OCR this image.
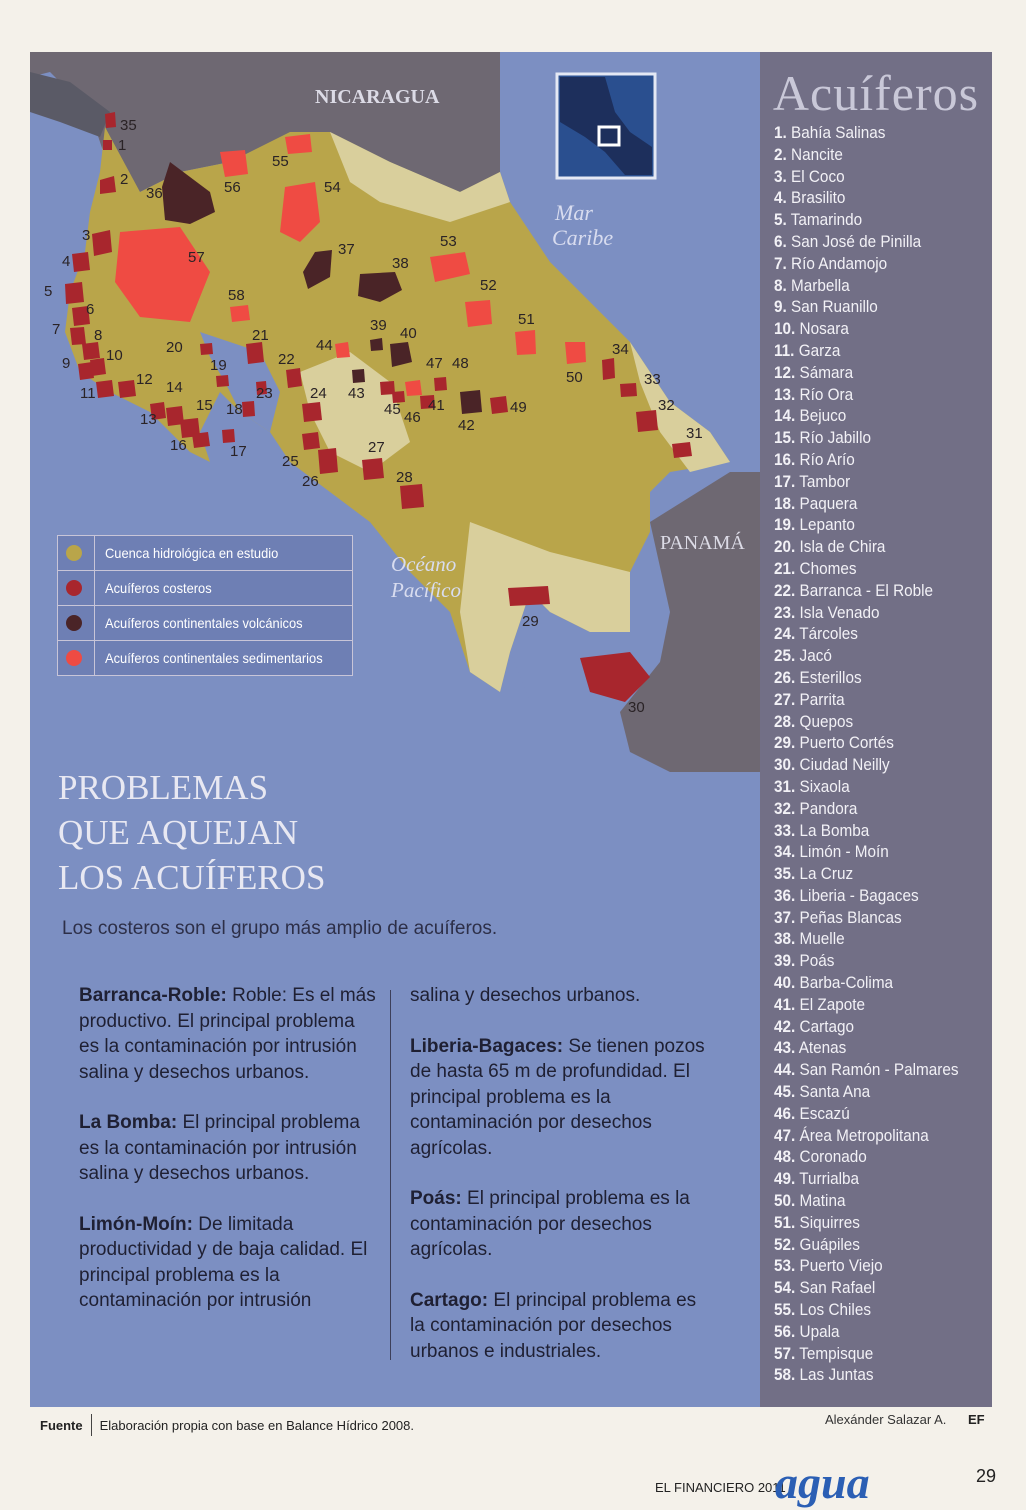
1
2
3
4
5
6
7 8
9 10
11
12
13
14
15
16	17
18
19
20
21
22
23 24
25
26
27
28
29
30
31
32
33
34
35
36
37
38
39 40
41
42
43
44
45 46
47 48
49
50
51
52
53
54
55
56
57
58
NICARAGUA
Mar
Caribe
PANAMÁ
Océano
Pacífico
Cuenca hidrológica en estudio
Acuíferos costeros
Acuíferos continentales volcánicos
Acuíferos continentales sedimentarios
Acuíferos
1. Bahía Salinas
2. Nancite
3. El Coco
4. Brasilito
5. Tamarindo
6. San José de Pinilla
7. Río Andamojo
8. Marbella
9. San Ruanillo
10. Nosara
11. Garza
12. Sámara
13. Río Ora
14. Bejuco
15. Río Jabillo
16. Río Arío
17. Tambor
18. Paquera
19. Lepanto
20. Isla de Chira
21. Chomes
22. Barranca - El Roble
23. Isla Venado
24. Tárcoles
25. Jacó
26. Esterillos
27. Parrita
28. Quepos
29. Puerto Cortés
30. Ciudad Neilly
31. Sixaola
32. Pandora
33. La Bomba
34. Limón - Moín
35. La Cruz
36. Liberia - Bagaces
37. Peñas Blancas
38. Muelle
39. Poás
40. Barba-Colima
41. El Zapote
42. Cartago
43. Atenas
44. San Ramón - Palmares
45. Santa Ana
46. Escazú
47. Área Metropolitana
48. Coronado
49. Turrialba
50. Matina
51. Siquirres
52. Guápiles
53. Puerto Viejo
54. San Rafael
55. Los Chiles
56. Upala
57. Tempisque
58. Las Juntas
PROBLEMAS
QUE AQUEJAN
LOS ACUÍFEROS
Los costeros son el grupo más amplio de acuíferos.

Barranca-Roble: Roble: Es el más productivo. El principal problema es la contaminación por intrusión salina y desechos urbanos.

La Bomba: El principal problema es la contaminación por intrusión salina y desechos urbanos.

Limón-Moín: De limitada productividad y de baja calidad. El principal problema es la contaminación por intrusión

salina y desechos urbanos.

Liberia-Bagaces: Se tienen pozos de hasta 65 m de profundidad. El principal problema es la contaminación por desechos agrícolas.

Poás: El principal problema es la contaminación por desechos agrícolas.

Cartago: El principal problema es la contaminación por desechos urbanos e industriales.

Fuente Elaboración propia con base en Balance Hídrico 2008.	Alexánder Salazar A. EF
EL FINANCIERO 2011
agua	29
